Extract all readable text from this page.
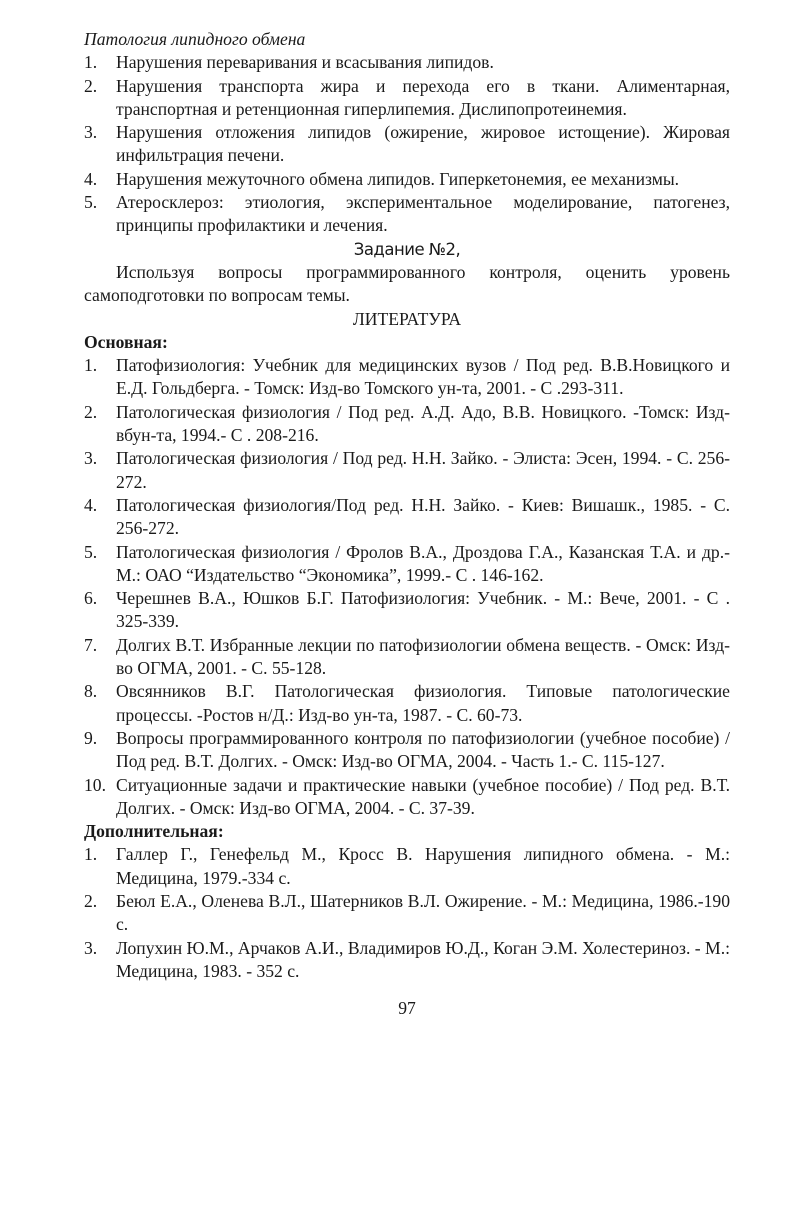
Патология липидного обмена

1.	Нарушения переваривания и всасывания липидов.
2.	Нарушения транспорта жира и перехода его в ткани. Алиментарная, транспортная и ретенционная гиперлипемия. Дислипопротеинемия.
3.	Нарушения отложения липидов (ожирение, жировое истощение). Жировая инфильтрация печени.
4.	Нарушения межуточного обмена липидов. Гиперкетонемия, ее механизмы.
5.	Атеросклероз: этиология, экспериментальное моделирование, патогенез, принципы профилактики и лечения.

Задание №2,

Используя вопросы программированного контроля, оценить уровень самоподготовки по вопросам темы.

ЛИТЕРАТУРА

Основная:

1.	Патофизиология: Учебник для медицинских вузов / Под ред. В.В.Новицкого и Е.Д. Гольдберга. - Томск: Изд-во Томского ун-та, 2001. - С .293-311.
2.	Патологическая физиология / Под ред. А.Д. Адо, В.В. Новицкого. -Томск: Изд-вбун-та, 1994.- С . 208-216.
3.	Патологическая физиология / Под ред. Н.Н. Зайко. - Элиста: Эсен, 1994. - С. 256-272.
4.	Патологическая физиология/Под ред. Н.Н. Зайко. - Киев: Вишашк., 1985. - С. 256-272.
5.	Патологическая физиология / Фролов В.А., Дроздова Г.А., Казанская Т.А. и др.-М.: ОАО “Издательство “Экономика”, 1999.- С . 146-162.
6.	Черешнев В.А., Юшков Б.Г. Патофизиология: Учебник. - М.: Вече, 2001. - С . 325-339.
7.	Долгих В.Т. Избранные лекции по патофизиологии обмена веществ. - Омск: Изд-во ОГМА, 2001. - С. 55-128.
8.	Овсянников В.Г. Патологическая физиология. Типовые патологические процессы. -Ростов н/Д.: Изд-во ун-та, 1987. - С. 60-73.
9.	Вопросы программированного контроля по патофизиологии (учебное пособие) / Под ред. В.Т. Долгих. - Омск: Изд-во ОГМА, 2004. - Часть 1.- С. 115-127.
10. Ситуационные задачи и практические навыки (учебное пособие) / Под ред. В.Т. Долгих. - Омск: Изд-во ОГМА, 2004. - С. 37-39.

Дополнительная:

1.	Галлер Г., Генефельд М., Кросс В. Нарушения липидного обмена. - М.: Медицина, 1979.-334 с.
2.	Беюл Е.А., Оленева В.Л., Шатерников В.Л. Ожирение. - М.: Медицина, 1986.-190 с.
3.	Лопухин Ю.М., Арчаков А.И., Владимиров Ю.Д., Коган Э.М. Холестериноз. - М.: Медицина, 1983. - 352 с.
97
